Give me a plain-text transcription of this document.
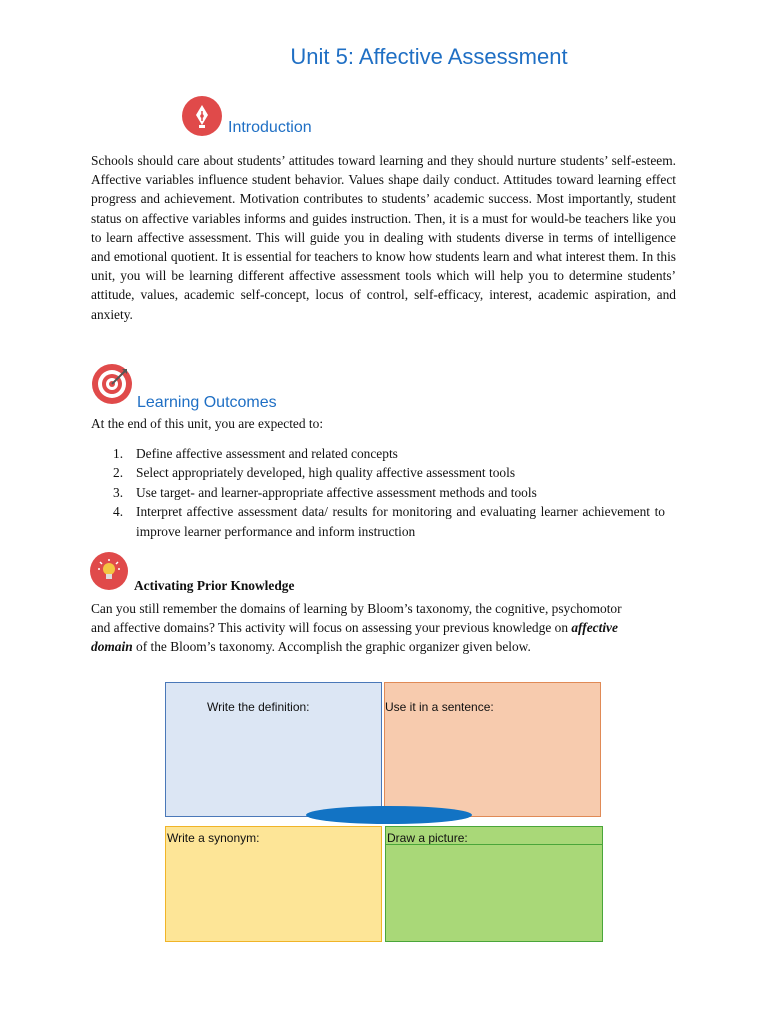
Unit 5: Affective Assessment
Introduction
Schools should care about students’ attitudes toward learning and they should nurture students’ self-esteem. Affective variables influence student behavior. Values shape daily conduct. Attitudes toward learning effect progress and achievement. Motivation contributes to students’ academic success. Most importantly, student status on affective variables informs and guides instruction. Then, it is a must for would-be teachers like you to learn affective assessment. This will guide you in dealing with students diverse in terms of intelligence and emotional quotient. It is essential for teachers to know how students learn and what interest them. In this unit, you will be learning different affective assessment tools which will help you to determine students’ attitude, values, academic self-concept, locus of control, self-efficacy, interest, academic aspiration, and anxiety.
Learning Outcomes
At the end of this unit, you are expected to:
1. Define affective assessment and related concepts
2. Select appropriately developed, high quality affective assessment tools
3. Use target- and learner-appropriate affective assessment methods and tools
4. Interpret affective assessment data/ results for monitoring and evaluating learner achievement to improve learner performance and inform instruction
Activating Prior Knowledge
Can you still remember the domains of learning by Bloom’s taxonomy, the cognitive, psychomotor and affective domains? This activity will focus on assessing your previous knowledge on affective domain of the Bloom’s taxonomy. Accomplish the graphic organizer given below.
Write the definition:	Use it in a sentence:
Write a synonym:	Draw a picture:
